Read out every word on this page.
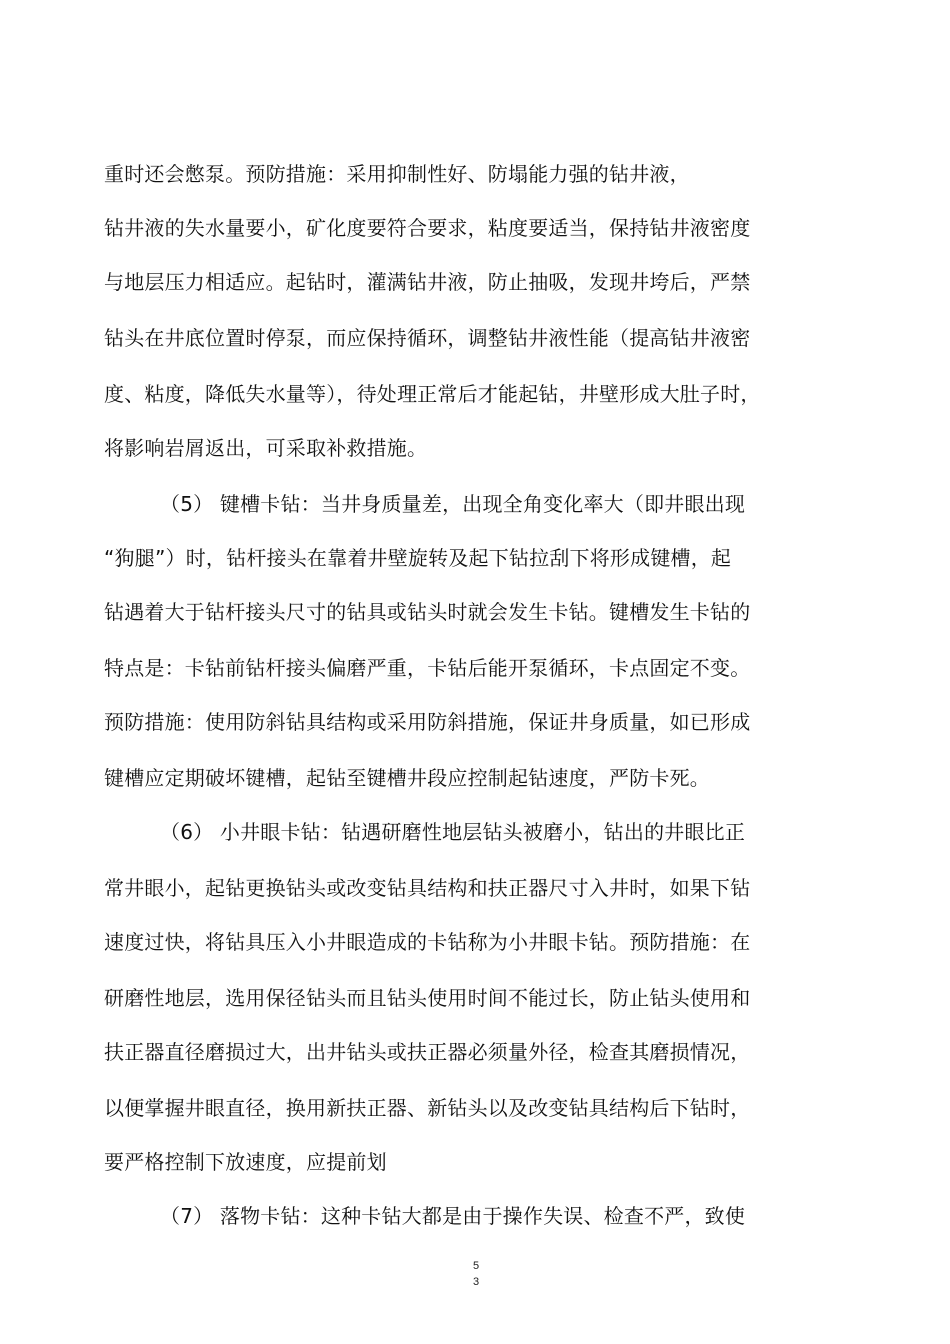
重时还会憋泵。预防措施：采用抑制性好、防塌能力强的钻井液，
钻井液的失水量要小，矿化度要符合要求，粘度要适当，保持钻井液密度
与地层压力相适应。起钻时，灌满钻井液，防止抽吸，发现井垮后，严禁
钻头在井底位置时停泵，而应保持循环，调整钻井液性能（提高钻井液密
度、粘度，降低失水量等），待处理正常后才能起钻，井壁形成大肚子时，
将影响岩屑返出，可采取补救措施。
（5） 键槽卡钻：当井身质量差，出现全角变化率大（即井眼出现
“狗腿”）时，钻杆接头在靠着井壁旋转及起下钻拉刮下将形成键槽，起
钻遇着大于钻杆接头尺寸的钻具或钻头时就会发生卡钻。键槽发生卡钻的
特点是：卡钻前钻杆接头偏磨严重，卡钻后能开泵循环，卡点固定不变。
预防措施：使用防斜钻具结构或采用防斜措施，保证井身质量，如已形成
键槽应定期破坏键槽，起钻至键槽井段应控制起钻速度，严防卡死。
（6） 小井眼卡钻：钻遇研磨性地层钻头被磨小，钻出的井眼比正
常井眼小，起钻更换钻头或改变钻具结构和扶正器尺寸入井时，如果下钻
速度过快，将钻具压入小井眼造成的卡钻称为小井眼卡钻。预防措施：在
研磨性地层，选用保径钻头而且钻头使用时间不能过长，防止钻头使用和
扶正器直径磨损过大，出井钻头或扶正器必须量外径，检查其磨损情况，
以便掌握井眼直径，换用新扶正器、新钻头以及改变钻具结构后下钻时，
要严格控制下放速度，应提前划
（7） 落物卡钻：这种卡钻大都是由于操作失误、检查不严，致使
5
3
